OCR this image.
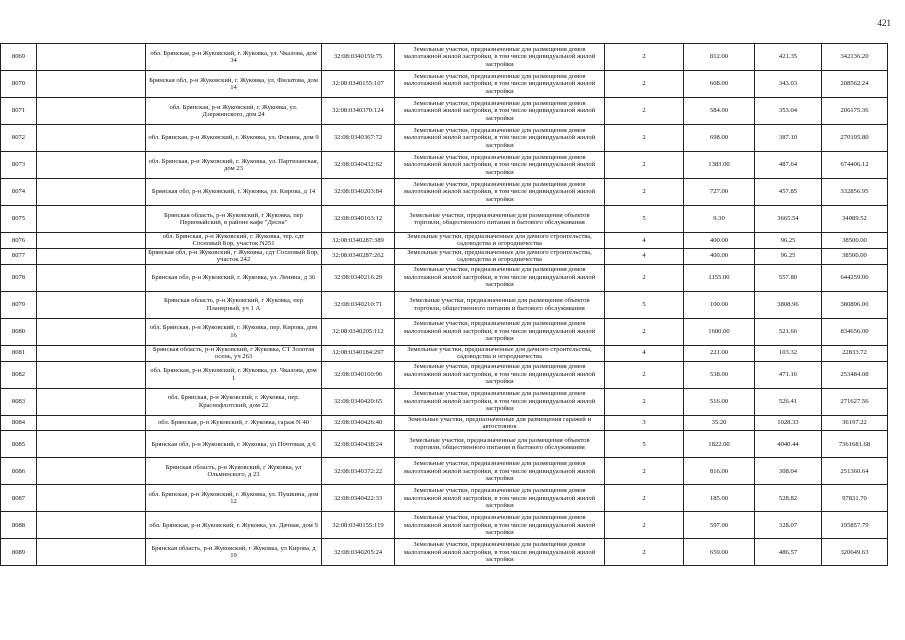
421
8069		обл. Брянская, р-н Жуковский, г. Жуковка, ул. Чкалова, дом 34	32:08:0340159:75	Земельные участки, предназначенные для размещения домов малоэтажной жилой застройки, в том числе индивидуальной жилой застройки	2	812.00	421.35	342136.20
8070		Брянская обл, р-н Жуковский, г. Жуковка, ул. Филатова, дом 14	32:08:0340155:107	Земельные участки, предназначенные для размещения домов малоэтажной жилой застройки, в том числе индивидуальной жилой застройки	2	608.00	343.03	208562.24
8071		обл. Брянская, р-н Жуковский, г. Жуковка, ул. Дзержинского, дом 24	32:08:0340370:124	Земельные участки, предназначенные для размещения домов малоэтажной жилой застройки, в том числе индивидуальной жилой застройки	2	584.00	353.04	206175.36
8072		обл. Брянская, р-н Жуковский, г. Жуковка, ул. Фокина, дом 9	32:08:0340367:72	Земельные участки, предназначенные для размещения домов малоэтажной жилой застройки, в том числе индивидуальной жилой застройки	2	698.00	387.10	270195.80
8073		обл. Брянская, р-н Жуковский, г. Жуковка, ул. Партизанская, дом 23	32:08:0340432:62	Земельные участки, предназначенные для размещения домов малоэтажной жилой застройки, в том числе индивидуальной жилой застройки	2	1383.00	487.64	674406.12
8074		Брянская обл, р-н Жуковский, г. Жуковка, ул. Кирова, д 14	32:08:0340203:84	Земельные участки, предназначенные для размещения домов малоэтажной жилой застройки, в том числе индивидуальной жилой застройки	2	727.00	457.85	332856.95
8075		Брянская область, р-н Жуковский, г Жуковка, пер Первомайский, в районе кафе "Десна"	32:08:0340163:12	Земельные участки, предназначенные для размещения объектов торговли, общественного питания и бытового обслуживания	5	9.30	3665.54	34089.52
8076		обл. Брянская, р-н Жуковский, г. Жуковка, тер. сдт Сосновый Бор, участок N251	32:08:0340287:389	Земельные участки, предназначенные для дачного строительства, садоводства и огородничества	4	400.00	96.25	38500.00
8077		Брянская обл, р-н Жуковский, г Жуковка, сдт Сосновый Бор, участок 242	32:08:0340287:262	Земельные участки, предназначенные для дачного строительства, садоводства и огородничества	4	400.00	96.25	38500.00
8078		Брянская обл, р-н Жуковский, г. Жуковка, ул. Ленина, д 36	32:08:0340216:29	Земельные участки, предназначенные для размещения домов малоэтажной жилой застройки, в том числе индивидуальной жилой застройки	2	1155.00	557.80	644259.00
8079		Брянская область, р-н Жуковский, г Жуковка, пер Планерный, уч 1 А	32:08:0340210:71	Земельные участки, предназначенные для размещения объектов торговли, общественного питания и бытового обслуживания	5	100.00	3808.96	380896.00
8080		обл. Брянская, р-н Жуковский, г. Жуковка, пер. Кирова, дом 16	32:08:0340205:112	Земельные участки, предназначенные для размещения домов малоэтажной жилой застройки, в том числе индивидуальной жилой застройки	2	1600.00	521.66	834656.00
8081		Брянская область, р-н Жуковский, г Жуковка, СТ Золотая осень, уч 263	32:08:0340184:297	Земельные участки, предназначенные для дачного строительства, садоводства и огородничества	4	221.00	103.32	22833.72
8082		обл. Брянская, р-н Жуковский, г. Жуковка, ул. Чкалова, дом 1	32:08:0340160:96	Земельные участки, предназначенные для размещения домов малоэтажной жилой застройки, в том числе индивидуальной жилой застройки	2	538.00	471.16	253484.08
8083		обл. Брянская, р-н Жуковский, г. Жуковка, пер. Краснофлотский, дом 22	32:08:0340420:65	Земельные участки, предназначенные для размещения домов малоэтажной жилой застройки, в том числе индивидуальной жилой застройки	2	516.00	526.41	271627.56
8084		обл. Брянская, р-н Жуковский, г. Жуковка, гараж N 40	32:08:0340426:40	Земельные участки, предназначенные для размещения гаражей и автостоянок	3	35.20	1028.33	36197.22
8085		Брянская обл, р-н Жуковский, г. Жуковка, ул Почтовая, д 6	32:08:0340438:24	Земельные участки, предназначенные для размещения объектов торговли, общественного питания и бытового обслуживания	5	1822.00	4040.44	7361681.68
8086		Брянская область, р-н Жуковский, г Жуковка, ул Ольминского, д 23	32:08:0340372:22	Земельные участки, предназначенные для размещения домов малоэтажной жилой застройки, в том числе индивидуальной жилой застройки	2	816.00	308.04	251360.64
8087		обл. Брянская, р-н Жуковский, г. Жуковка, ул. Пушкина, дом 12	32:08:0340422:33	Земельные участки, предназначенные для размещения домов малоэтажной жилой застройки, в том числе индивидуальной жилой застройки	2	185.00	528.82	97831.70
8088		обл. Брянская, р-н Жуковский, г. Жуковка, ул. Дачная, дом 9	32:08:0340155:119	Земельные участки, предназначенные для размещения домов малоэтажной жилой застройки, в том числе индивидуальной жилой застройки	2	597.00	328.07	195857.79
8089		Брянская область, р-н Жуковский, г Жуковка, ул Кирова, д 19	32:08:0340205:24	Земельные участки, предназначенные для размещения домов малоэтажной жилой застройки, в том числе индивидуальной жилой застройки	2	659.00	486.57	320649.63
